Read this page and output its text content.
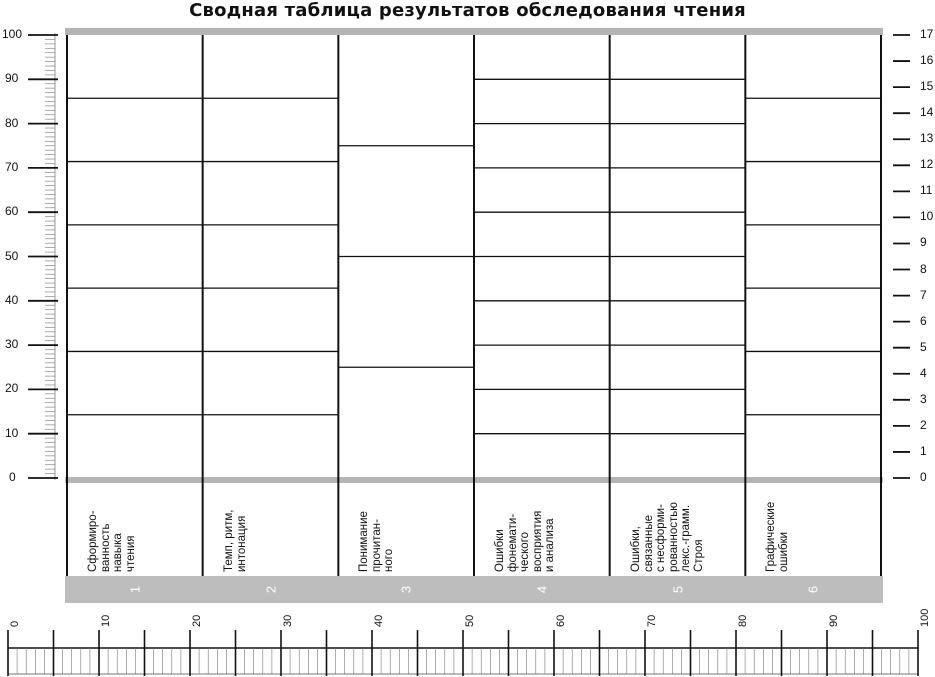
Сводная таблица результатов обследования чтения
Сформиро-
ванность
навыка
чтения
1
Темп, ритм,
интонация
2
Понимание
прочитан-
ного
3
Ошибки
фонемати-
ческого
восприятия
и анализа
4
Ошибки,
связанные
с несформи-
рованностью
лекс.-грамм.
Строя
5
Графические
ошибки
6
0
10
20
30
40
50
60
70
80
90
100
0
1
2
3
4
5
6
7
8
9
10
11
12
13
14
15
16
17
0	10	20	30	40	50	60	70	80	90	100
